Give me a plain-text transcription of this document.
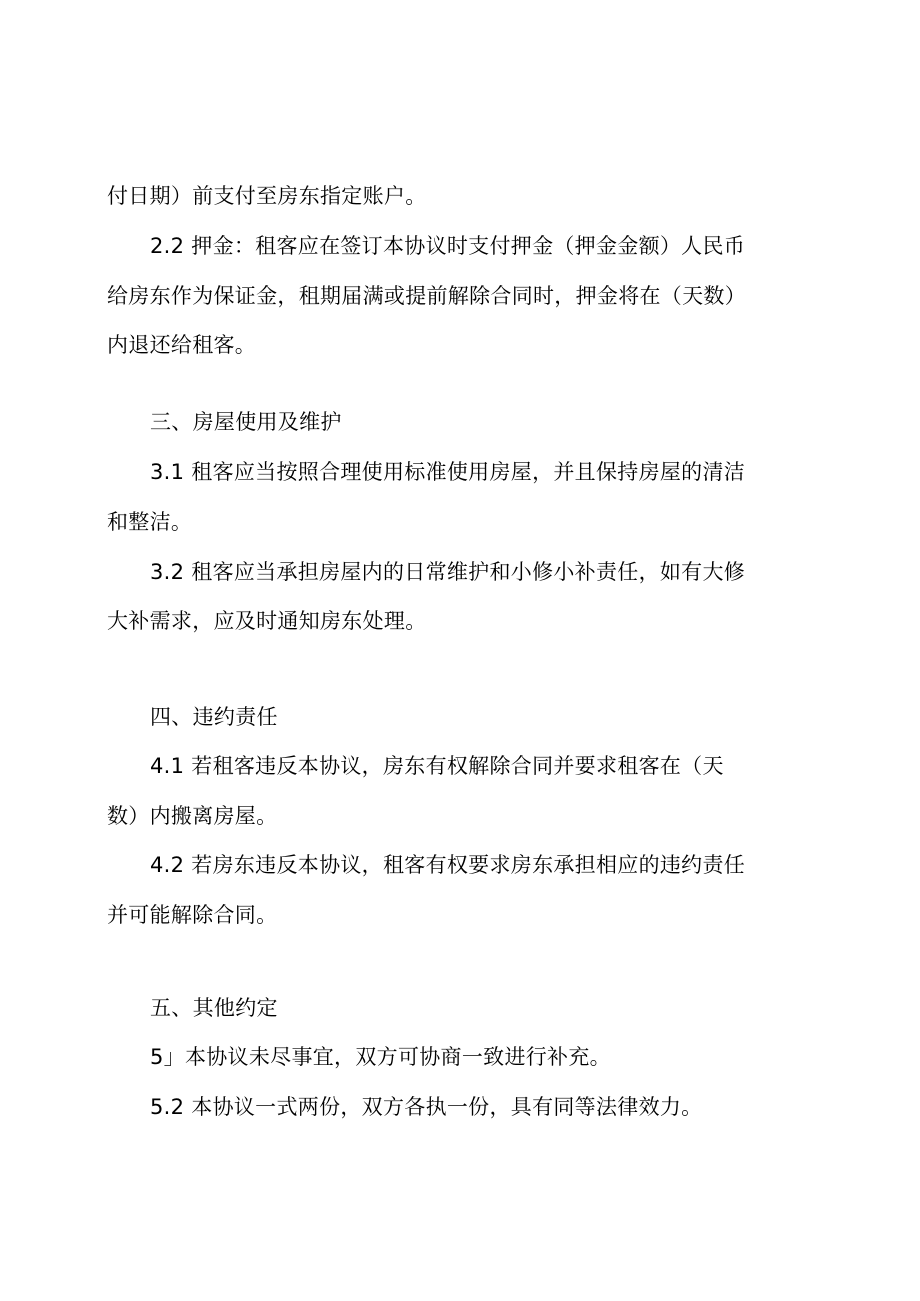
付日期）前支付至房东指定账户。
2.2 押金：租客应在签订本协议时支付押金（押金金额）人民币
给房东作为保证金，租期届满或提前解除合同时，押金将在（天数）
内退还给租客。
三、房屋使用及维护
3.1 租客应当按照合理使用标准使用房屋，并且保持房屋的清洁
和整洁。
3.2 租客应当承担房屋内的日常维护和小修小补责任，如有大修
大补需求，应及时通知房东处理。
四、违约责任
4.1 若租客违反本协议，房东有权解除合同并要求租客在（天
数）内搬离房屋。
4.2 若房东违反本协议，租客有权要求房东承担相应的违约责任
并可能解除合同。
五、其他约定
5」本协议未尽事宜，双方可协商一致进行补充。
5.2 本协议一式两份，双方各执一份，具有同等法律效力。
